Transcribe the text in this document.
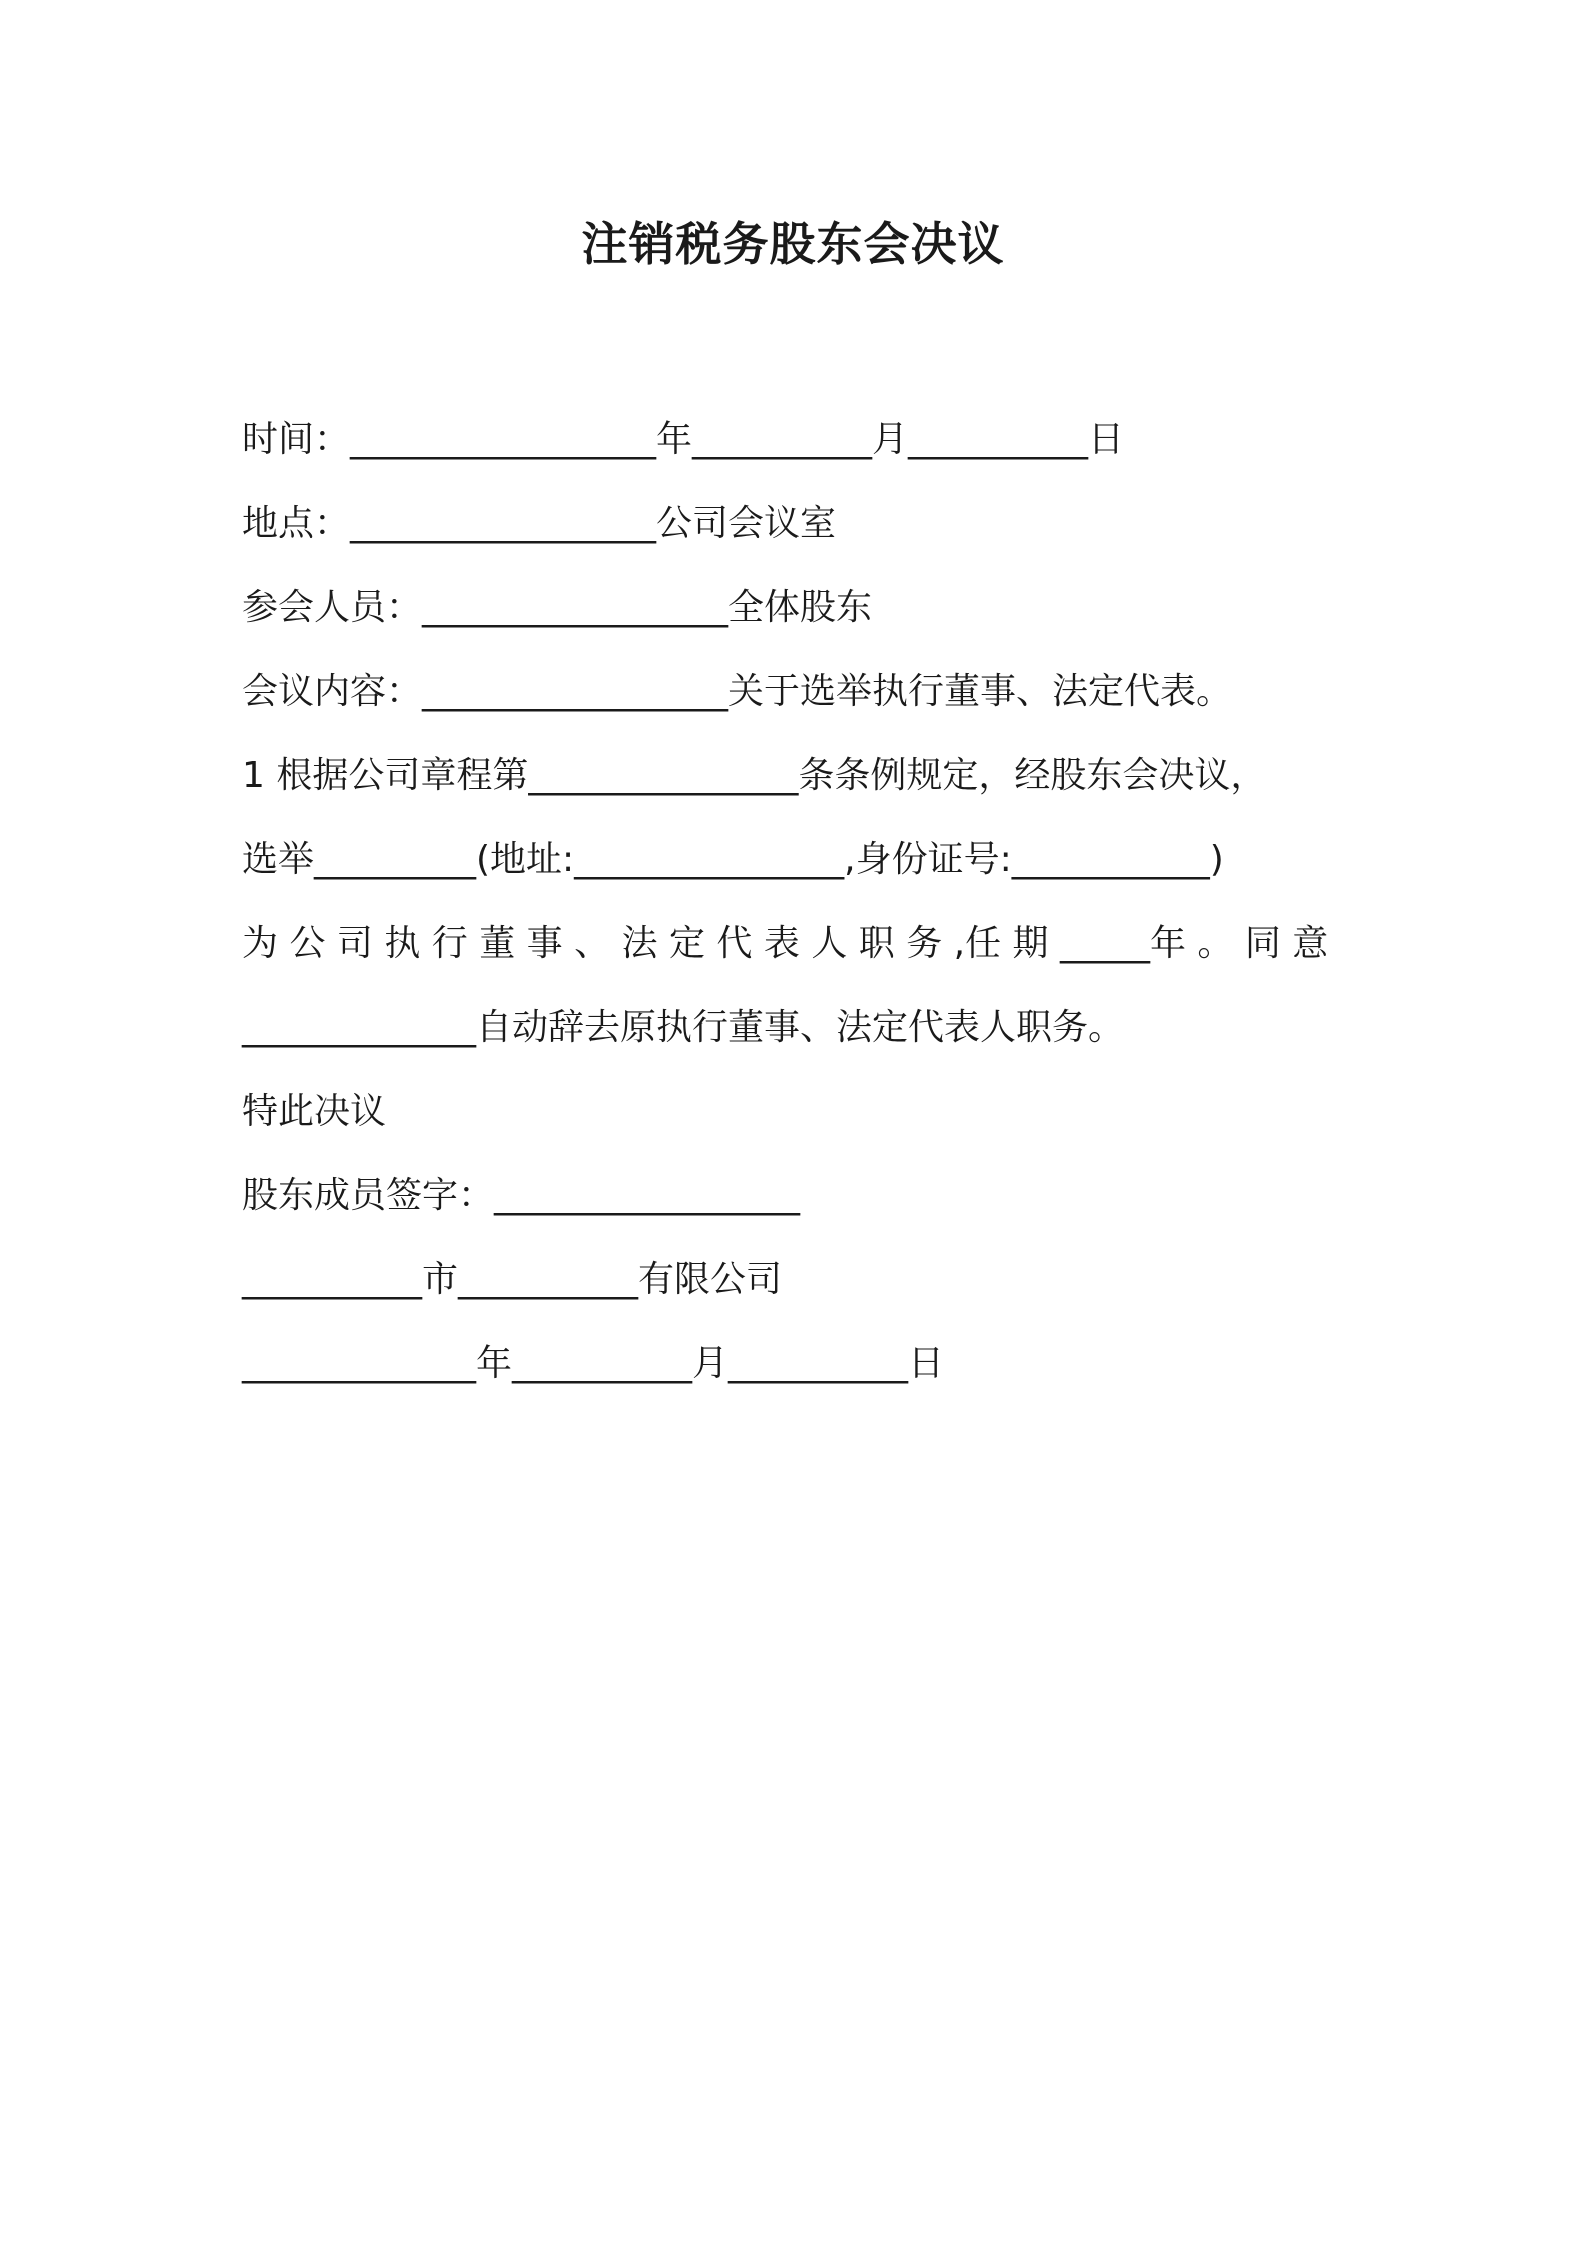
注销税务股东会决议
时间：_________________年__________月__________日
地点：_________________公司会议室
参会人员：_________________全体股东
会议内容：_________________关于选举执行董事、法定代表。
1 根据公司章程第_______________条条例规定，经股东会决议，
选举_________(地址:_______________,身份证号:___________)
为 公 司 执 行 董 事 、 法 定 代 表 人 职 务 ,任 期 _____年 。 同 意
_____________自动辞去原执行董事、法定代表人职务。
特此决议
股东成员签字：_________________
__________市__________有限公司
_____________年__________月__________日
